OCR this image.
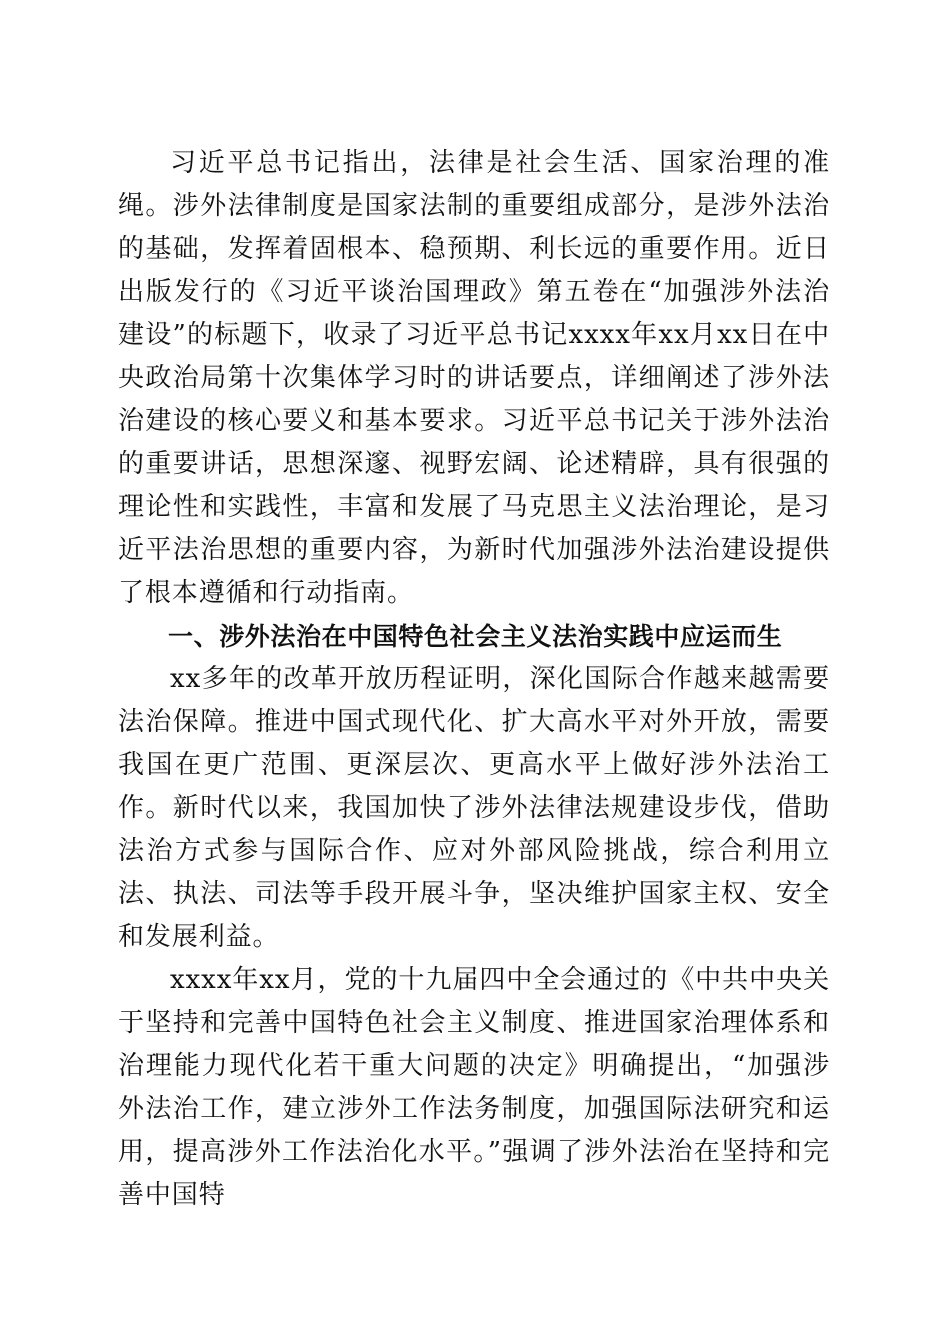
习近平总书记指出，法律是社会生活、国家治理的准绳。涉外法律制度是国家法制的重要组成部分，是涉外法治的基础，发挥着固根本、稳预期、利长远的重要作用。近日出版发行的《习近平谈治国理政》第五卷在“加强涉外法治建设”的标题下，收录了习近平总书记xxxx年xx月xx日在中央政治局第十次集体学习时的讲话要点，详细阐述了涉外法治建设的核心要义和基本要求。习近平总书记关于涉外法治的重要讲话，思想深邃、视野宏阔、论述精辟，具有很强的理论性和实践性，丰富和发展了马克思主义法治理论，是习近平法治思想的重要内容，为新时代加强涉外法治建设提供了根本遵循和行动指南。

一、涉外法治在中国特色社会主义法治实践中应运而生

xx多年的改革开放历程证明，深化国际合作越来越需要法治保障。推进中国式现代化、扩大高水平对外开放，需要我国在更广范围、更深层次、更高水平上做好涉外法治工作。新时代以来，我国加快了涉外法律法规建设步伐，借助法治方式参与国际合作、应对外部风险挑战，综合利用立法、执法、司法等手段开展斗争，坚决维护国家主权、安全和发展利益。

xxxx年xx月，党的十九届四中全会通过的《中共中央关于坚持和完善中国特色社会主义制度、推进国家治理体系和治理能力现代化若干重大问题的决定》明确提出，“加强涉外法治工作，建立涉外工作法务制度，加强国际法研究和运用，提高涉外工作法治化水平。”强调了涉外法治在坚持和完善中国特
